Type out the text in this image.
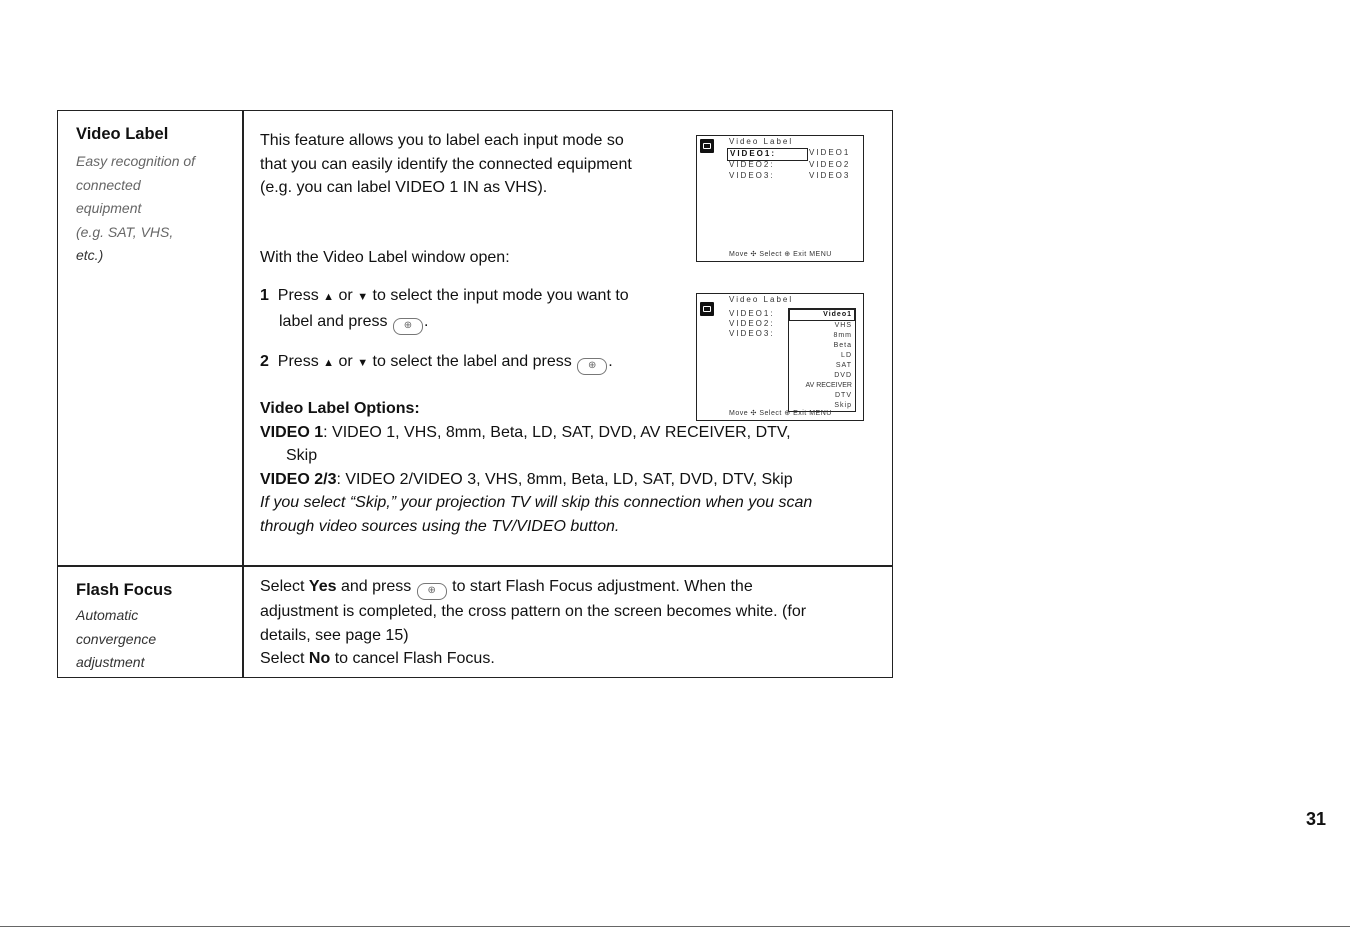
Video Label
Easy recognition of
connected
equipment
(e.g. SAT, VHS,
etc.)
This feature allows you to label each input mode so
that you can easily identify the connected equipment
(e.g. you can label VIDEO 1 IN as VHS).
With the Video Label window open:
1 Press ▲ or ▼ to select the input mode you want to
label and press ⊕ .
2 Press ▲ or ▼ to select the label and press ⊕ .
Video Label Options:
VIDEO 1: VIDEO 1, VHS, 8mm, Beta, LD, SAT, DVD, AV RECEIVER, DTV,
Skip
VIDEO 2/3: VIDEO 2/VIDEO 3, VHS, 8mm, Beta, LD, SAT, DVD, DTV, Skip
If you select “Skip,” your projection TV will skip this connection when you scan
through video sources using the TV/VIDEO button.
Video Label
VIDEO1:
VIDEO2:
VIDEO3:
VIDEO1
VIDEO2
VIDEO3
Move ✣ Select ⊕ Exit MENU
Video Label
VIDEO1:
VIDEO2:
VIDEO3:
Video1
VHS
8mm
Beta
LD
SAT
DVD
AV RECEIVER
DTV
Skip
Move ✣ Select ⊕ Exit MENU
Flash Focus
Automatic
convergence
adjustment
Select Yes and press ⊕ to start Flash Focus adjustment. When the
adjustment is completed, the cross pattern on the screen becomes white. (for
details, see page 15)
Select No to cancel Flash Focus.
31
